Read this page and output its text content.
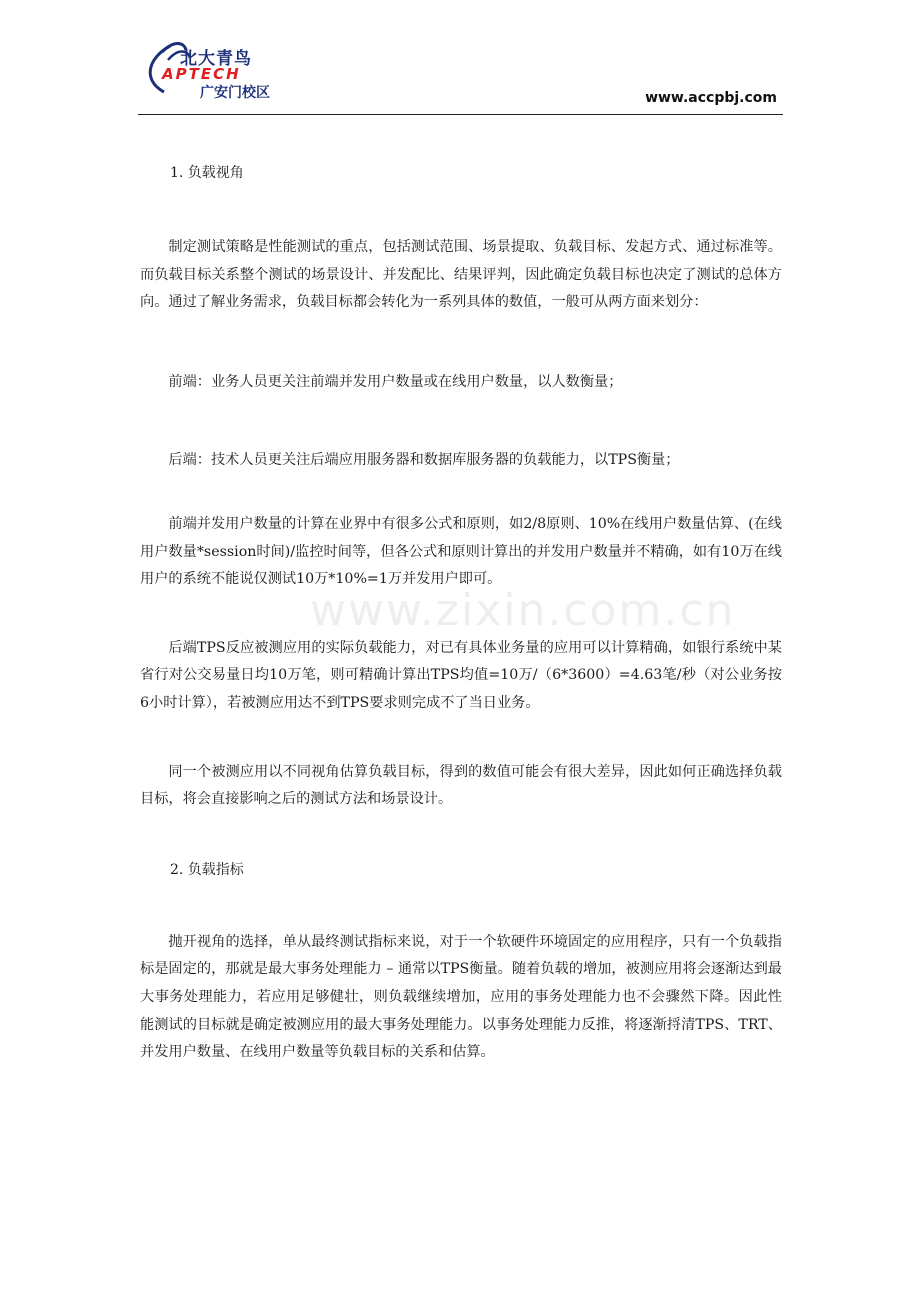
北大青鸟
APTECH
广安门校区	www.accpbj.com
www.zixin.com.cn

1. 负载视角

制定测试策略是性能测试的重点，包括测试范围、场景提取、负载目标、发起方式、通过标准等。而负载目标关系整个测试的场景设计、并发配比、结果评判，因此确定负载目标也决定了测试的总体方向。通过了解业务需求，负载目标都会转化为一系列具体的数值，一般可从两方面来划分：

前端：业务人员更关注前端并发用户数量或在线用户数量，以人数衡量；

后端：技术人员更关注后端应用服务器和数据库服务器的负载能力，以TPS衡量；

前端并发用户数量的计算在业界中有很多公式和原则，如2/8原则、10%在线用户数量估算、(在线用户数量*session时间)/监控时间等，但各公式和原则计算出的并发用户数量并不精确，如有10万在线用户的系统不能说仅测试10万*10%=1万并发用户即可。

后端TPS反应被测应用的实际负载能力，对已有具体业务量的应用可以计算精确，如银行系统中某省行对公交易量日均10万笔，则可精确计算出TPS均值=10万/（6*3600）=4.63笔/秒（对公业务按6小时计算），若被测应用达不到TPS要求则完成不了当日业务。

同一个被测应用以不同视角估算负载目标，得到的数值可能会有很大差异，因此如何正确选择负载目标，将会直接影响之后的测试方法和场景设计。

2. 负载指标

抛开视角的选择，单从最终测试指标来说，对于一个软硬件环境固定的应用程序，只有一个负载指标是固定的，那就是最大事务处理能力 – 通常以TPS衡量。随着负载的增加，被测应用将会逐渐达到最大事务处理能力，若应用足够健壮，则负载继续增加，应用的事务处理能力也不会骤然下降。因此性 能测试的目标就是确定被测应用的最大事务处理能力。以事务处理能力反推，将逐渐捋清TPS、TRT、并发用户数量、在线用户数量等负载目标的关系和估算。
